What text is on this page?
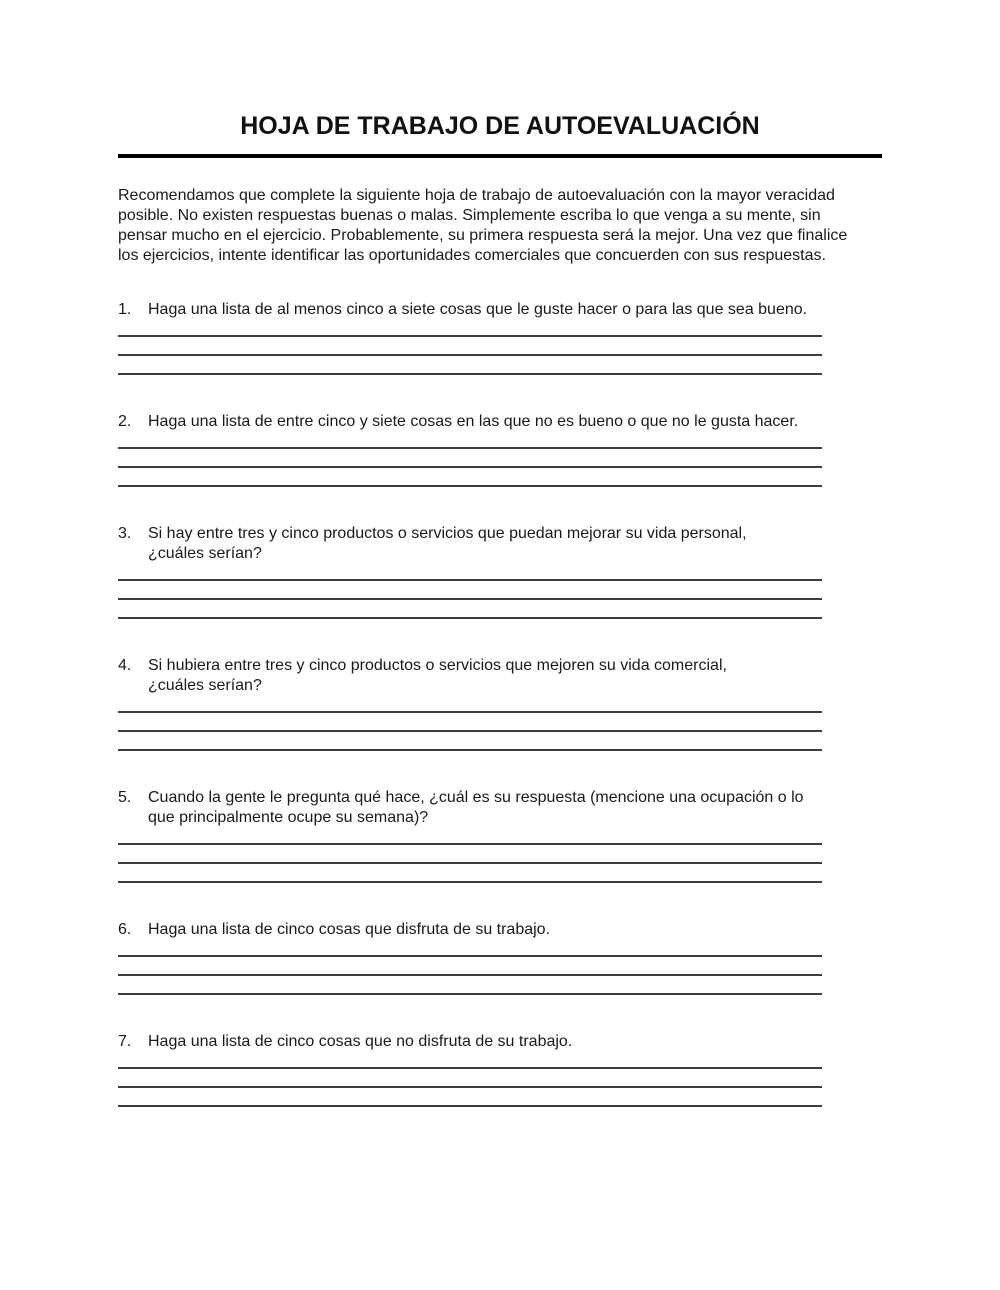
HOJA DE TRABAJO DE AUTOEVALUACIÓN
Recomendamos que complete la siguiente hoja de trabajo de autoevaluación con la mayor veracidad
posible. No existen respuestas buenas o malas. Simplemente escriba lo que venga a su mente, sin
pensar mucho en el ejercicio. Probablemente, su primera respuesta será la mejor. Una vez que finalice
los ejercicios, intente identificar las oportunidades comerciales que concuerden con sus respuestas.
1.	Haga una lista de al menos cinco a siete cosas que le guste hacer o para las que sea bueno.
2.	Haga una lista de entre cinco y siete cosas en las que no es bueno o que no le gusta hacer.
3.	Si hay entre tres y cinco productos o servicios que puedan mejorar su vida personal,
¿cuáles serían?
4.	Si hubiera entre tres y cinco productos o servicios que mejoren su vida comercial,
¿cuáles serían?
5.	Cuando la gente le pregunta qué hace, ¿cuál es su respuesta (mencione una ocupación o lo
que principalmente ocupe su semana)?
6.	Haga una lista de cinco cosas que disfruta de su trabajo.
7.	Haga una lista de cinco cosas que no disfruta de su trabajo.
